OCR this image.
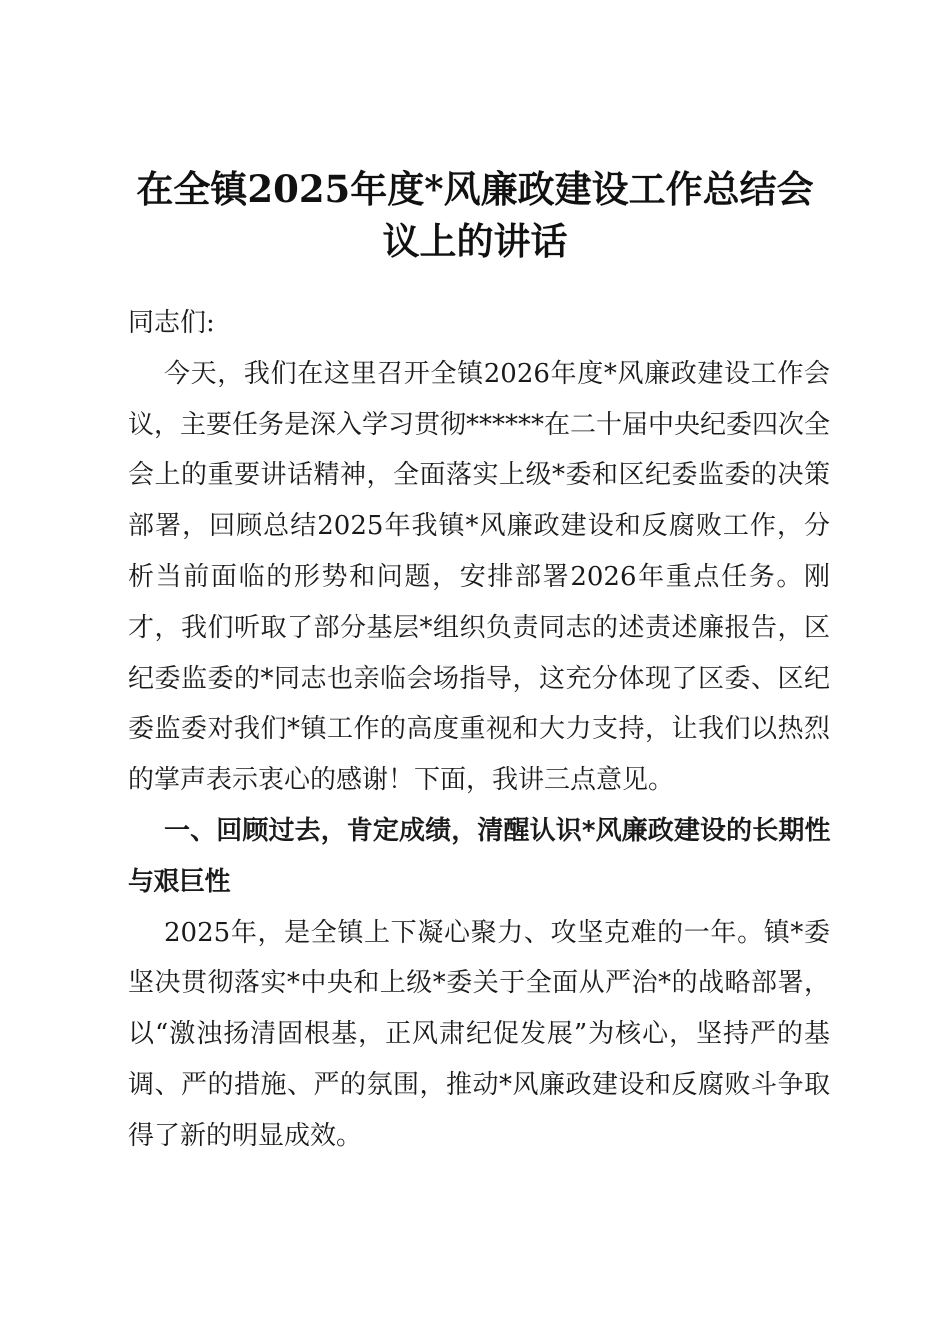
在全镇2025年度*风廉政建设工作总结会议上的讲话

同志们:

今天，我们在这里召开全镇2026年度*风廉政建设工作会议，主要任务是深入学习贯彻******在二十届中央纪委四次全会上的重要讲话精神，全面落实上级*委和区纪委监委的决策部署，回顾总结2025年我镇*风廉政建设和反腐败工作，分析当前面临的形势和问题，安排部署2026年重点任务。刚才，我们听取了部分基层*组织负责同志的述责述廉报告，区纪委监委的*同志也亲临会场指导，这充分体现了区委、区纪委监委对我们*镇工作的高度重视和大力支持，让我们以热烈的掌声表示衷心的感谢！下面，我讲三点意见。

一、回顾过去，肯定成绩，清醒认识*风廉政建设的长期性与艰巨性

2025年，是全镇上下凝心聚力、攻坚克难的一年。镇*委坚决贯彻落实*中央和上级*委关于全面从严治*的战略部署，以“激浊扬清固根基，正风肃纪促发展”为核心，坚持严的基调、严的措施、严的氛围，推动*风廉政建设和反腐败斗争取得了新的明显成效。
